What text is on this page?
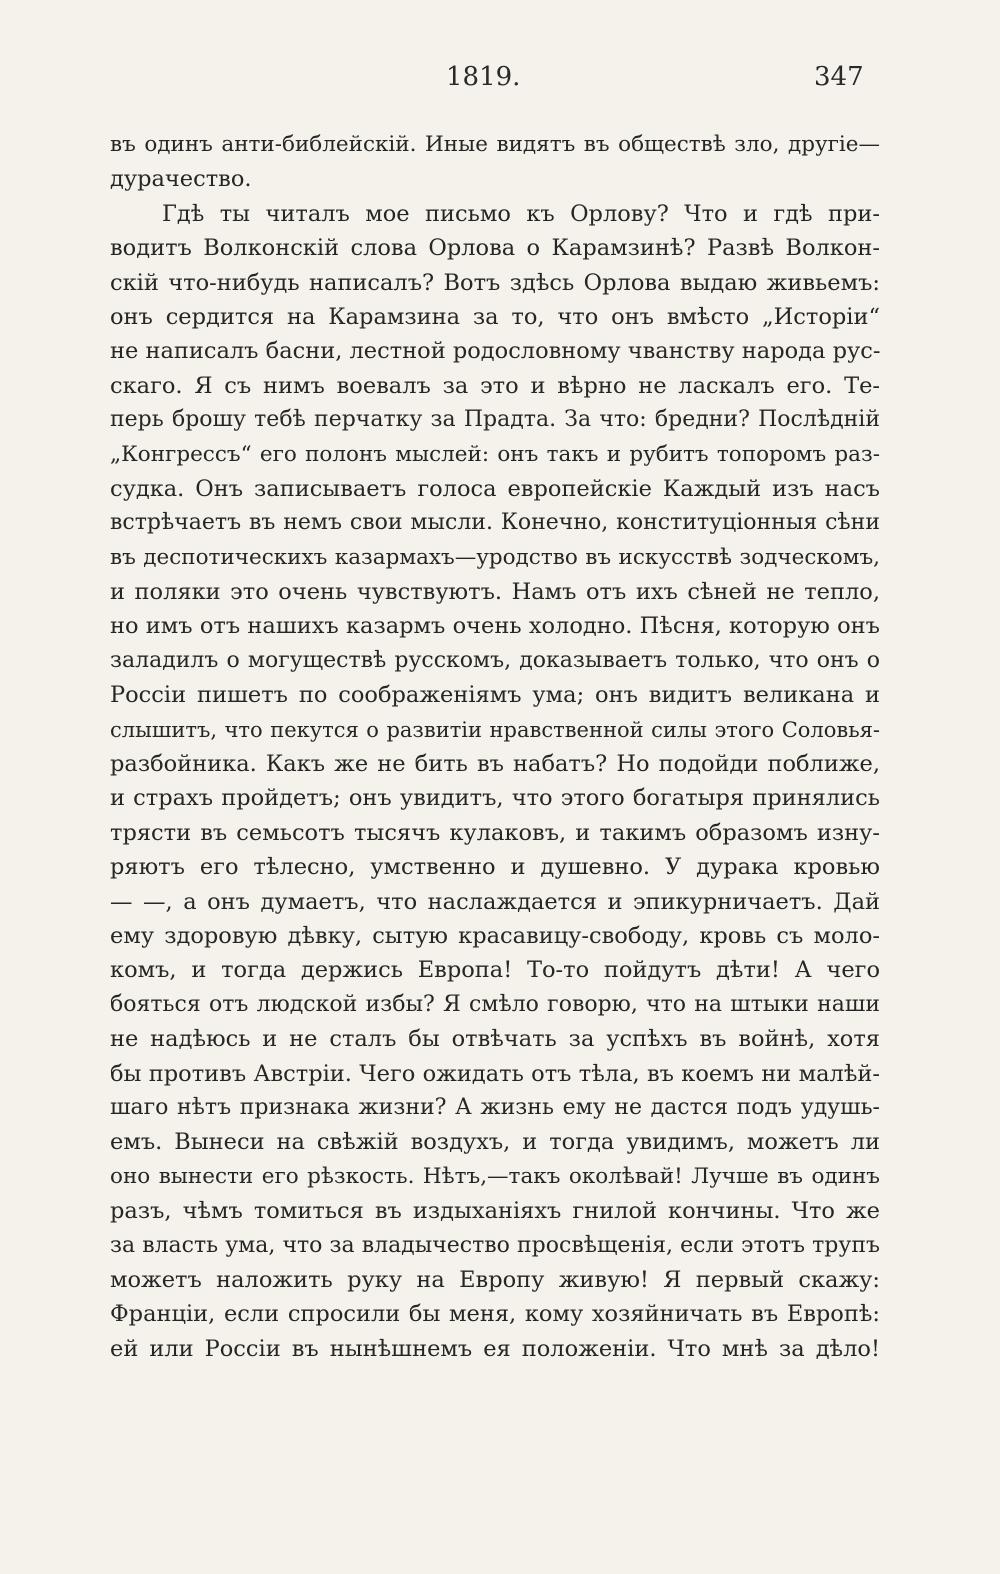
1819.	347
въ одинъ анти-библейскій. Иные видятъ въ обществѣ зло, другіе—
дурачество.
Гдѣ ты читалъ мое письмо къ Орлову? Что и гдѣ при-
водитъ Волконскій слова Орлова о Карамзинѣ? Развѣ Волкон-
скій что-нибудь написалъ? Вотъ здѣсь Орлова выдаю живьемъ:
онъ сердится на Карамзина за то, что онъ вмѣсто „Исторіи“
не написалъ басни, лестной родословному чванству народа рус-
скаго. Я съ нимъ воевалъ за это и вѣрно не ласкалъ его. Те-
перь брошу тебѣ перчатку за Прадта. За что: бредни? Послѣдній
„Конгрессъ“ его полонъ мыслей: онъ такъ и рубитъ топоромъ раз-
судка. Онъ записываетъ голоса европейскіе Каждый изъ насъ
встрѣчаетъ въ немъ свои мысли. Конечно, конституціонныя сѣни
въ деспотическихъ казармахъ—уродство въ искусствѣ зодческомъ,
и поляки это очень чувствуютъ. Намъ отъ ихъ сѣней не тепло,
но имъ отъ нашихъ казармъ очень холодно. Пѣсня, которую онъ
заладилъ о могуществѣ русскомъ, доказываетъ только, что онъ о
Россіи пишетъ по соображеніямъ ума; онъ видитъ великана и
слышитъ, что пекутся о развитіи нравственной силы этого Соловья-
разбойника. Какъ же не бить въ набатъ? Но подойди поближе,
и страхъ пройдетъ; онъ увидитъ, что этого богатыря принялись
трясти въ семьсотъ тысячъ кулаковъ, и такимъ образомъ изну-
ряютъ его тѣлесно, умственно и душевно. У дурака кровью
— —, а онъ думаетъ, что наслаждается и эпикурничаетъ. Дай
ему здоровую дѣвку, сытую красавицу-свободу, кровь съ моло-
комъ, и тогда держись Европа! То-то пойдутъ дѣти! А чего
бояться отъ людской избы? Я смѣло говорю, что на штыки наши
не надѣюсь и не сталъ бы отвѣчать за успѣхъ въ войнѣ, хотя
бы противъ Австріи. Чего ожидать отъ тѣла, въ коемъ ни малѣй-
шаго нѣтъ признака жизни? А жизнь ему не дастся подъ удушь-
емъ. Вынеси на свѣжій воздухъ, и тогда увидимъ, можетъ ли
оно вынести его рѣзкость. Нѣтъ,—такъ околѣвай! Лучше въ одинъ
разъ, чѣмъ томиться въ издыханіяхъ гнилой кончины. Что же
за власть ума, что за владычество просвѣщенія, если этотъ трупъ
можетъ наложить руку на Европу живую! Я первый скажу:
Франціи, если спросили бы меня, кому хозяйничать въ Европѣ:
ей или Россіи въ нынѣшнемъ ея положеніи. Что мнѣ за дѣло!
